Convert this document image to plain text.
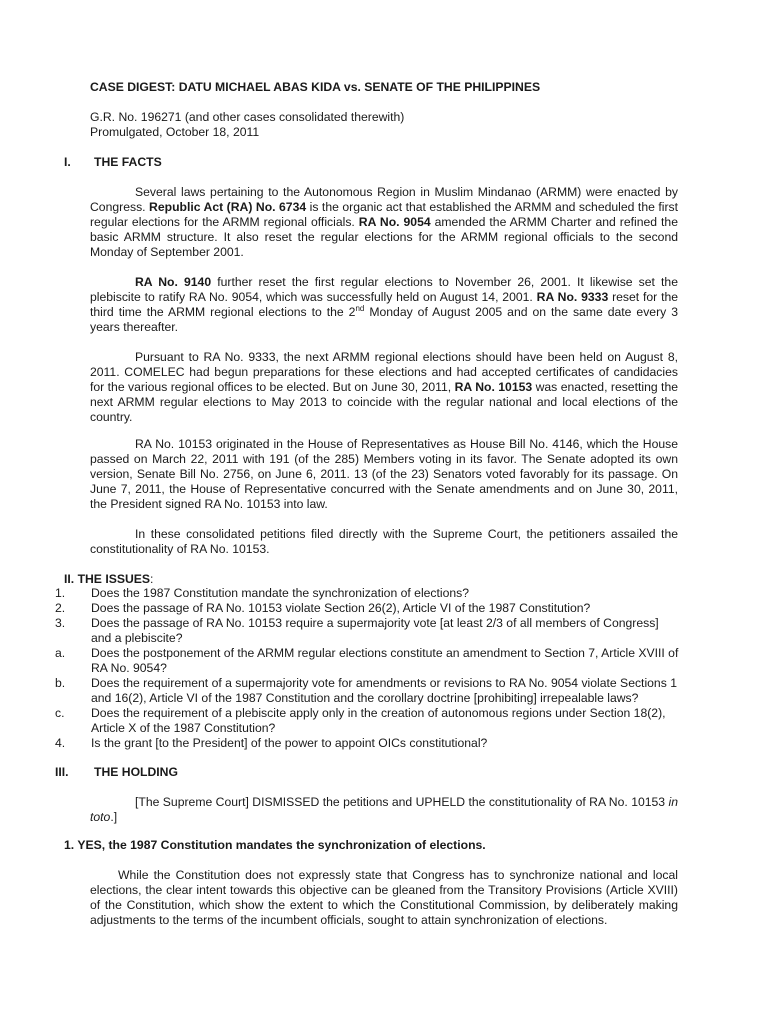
CASE DIGEST: DATU MICHAEL ABAS KIDA vs. SENATE OF THE PHILIPPINES

G.R. No. 196271 (and other cases consolidated therewith)
Promulgated, October 18, 2011
I. THE FACTS

Several laws pertaining to the Autonomous Region in Muslim Mindanao (ARMM) were enacted by Congress. Republic Act (RA) No. 6734 is the organic act that established the ARMM and scheduled the first regular elections for the ARMM regional officials. RA No. 9054 amended the ARMM Charter and refined the basic ARMM structure. It also reset the regular elections for the ARMM regional officials to the second Monday of September 2001.

RA No. 9140 further reset the first regular elections to November 26, 2001. It likewise set the plebiscite to ratify RA No. 9054, which was successfully held on August 14, 2001. RA No. 9333 reset for the third time the ARMM regional elections to the 2nd Monday of August 2005 and on the same date every 3 years thereafter.

Pursuant to RA No. 9333, the next ARMM regional elections should have been held on August 8, 2011. COMELEC had begun preparations for these elections and had accepted certificates of candidacies for the various regional offices to be elected. But on June 30, 2011, RA No. 10153 was enacted, resetting the next ARMM regular elections to May 2013 to coincide with the regular national and local elections of the country.

RA No. 10153 originated in the House of Representatives as House Bill No. 4146, which the House passed on March 22, 2011 with 191 (of the 285) Members voting in its favor. The Senate adopted its own version, Senate Bill No. 2756, on June 6, 2011. 13 (of the 23) Senators voted favorably for its passage. On June 7, 2011, the House of Representative concurred with the Senate amendments and on June 30, 2011, the President signed RA No. 10153 into law.

In these consolidated petitions filed directly with the Supreme Court, the petitioners assailed the constitutionality of RA No. 10153.

II. THE ISSUES:
1. Does the 1987 Constitution mandate the synchronization of elections?
2. Does the passage of RA No. 10153 violate Section 26(2), Article VI of the 1987 Constitution?
3. Does the passage of RA No. 10153 require a supermajority vote [at least 2/3 of all members of Congress] and a plebiscite?
a. Does the postponement of the ARMM regular elections constitute an amendment to Section 7, Article XVIII of RA No. 9054?
b. Does the requirement of a supermajority vote for amendments or revisions to RA No. 9054 violate Sections 1 and 16(2), Article VI of the 1987 Constitution and the corollary doctrine [prohibiting] irrepealable laws?
c. Does the requirement of a plebiscite apply only in the creation of autonomous regions under Section 18(2), Article X of the 1987 Constitution?
4. Is the grant [to the President] of the power to appoint OICs constitutional?
III. THE HOLDING

[The Supreme Court] DISMISSED the petitions and UPHELD the constitutionality of RA No. 10153 in toto.]

1. YES, the 1987 Constitution mandates the synchronization of elections.

While the Constitution does not expressly state that Congress has to synchronize national and local elections, the clear intent towards this objective can be gleaned from the Transitory Provisions (Article XVIII) of the Constitution, which show the extent to which the Constitutional Commission, by deliberately making adjustments to the terms of the incumbent officials, sought to attain synchronization of elections.
